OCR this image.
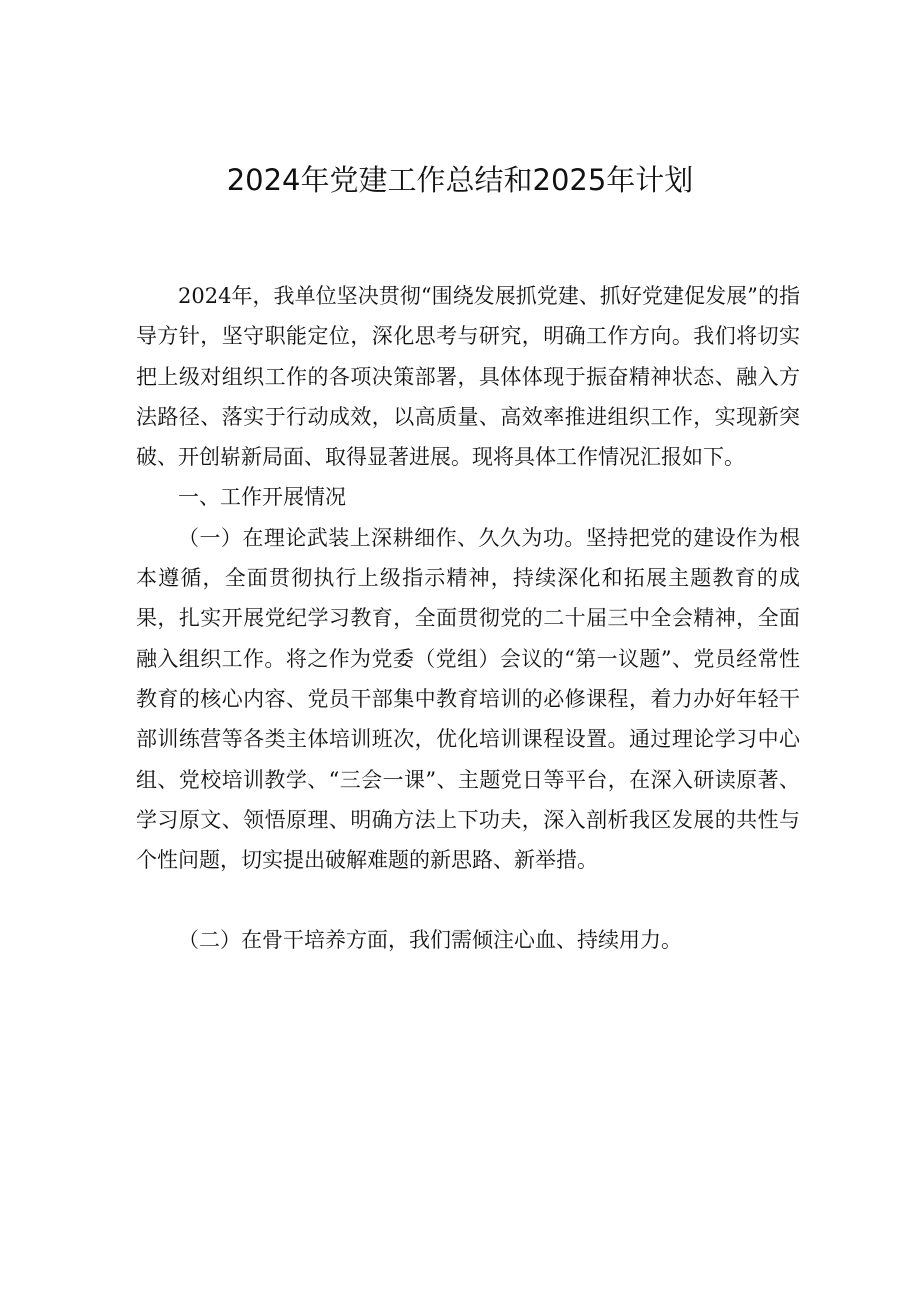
2024年党建工作总结和2025年计划

2024年，我单位坚决贯彻“围绕发展抓党建、抓好党建促发展”的指导方针，坚守职能定位，深化思考与研究，明确工作方向。我们将切实把上级对组织工作的各项决策部署，具体体现于振奋精神状态、融入方法路径、落实于行动成效，以高质量、高效率推进组织工作，实现新突破、开创崭新局面、取得显著进展。现将具体工作情况汇报如下。

一、工作开展情况

（一）在理论武装上深耕细作、久久为功。坚持把党的建设作为根本遵循，全面贯彻执行上级指示精神，持续深化和拓展主题教育的成果，扎实开展党纪学习教育，全面贯彻党的二十届三中全会精神，全面融入组织工作。将之作为党委（党组）会议的“第一议题”、党员经常性教育的核心内容、党员干部集中教育培训的必修课程，着力办好年轻干部训练营等各类主体培训班次，优化培训课程设置。通过理论学习中心组、党校培训教学、“三会一课”、主题党日等平台，在深入研读原著、学习原文、领悟原理、明确方法上下功夫，深入剖析我区发展的共性与个性问题，切实提出破解难题的新思路、新举措。

（二）在骨干培养方面，我们需倾注心血、持续用力。
